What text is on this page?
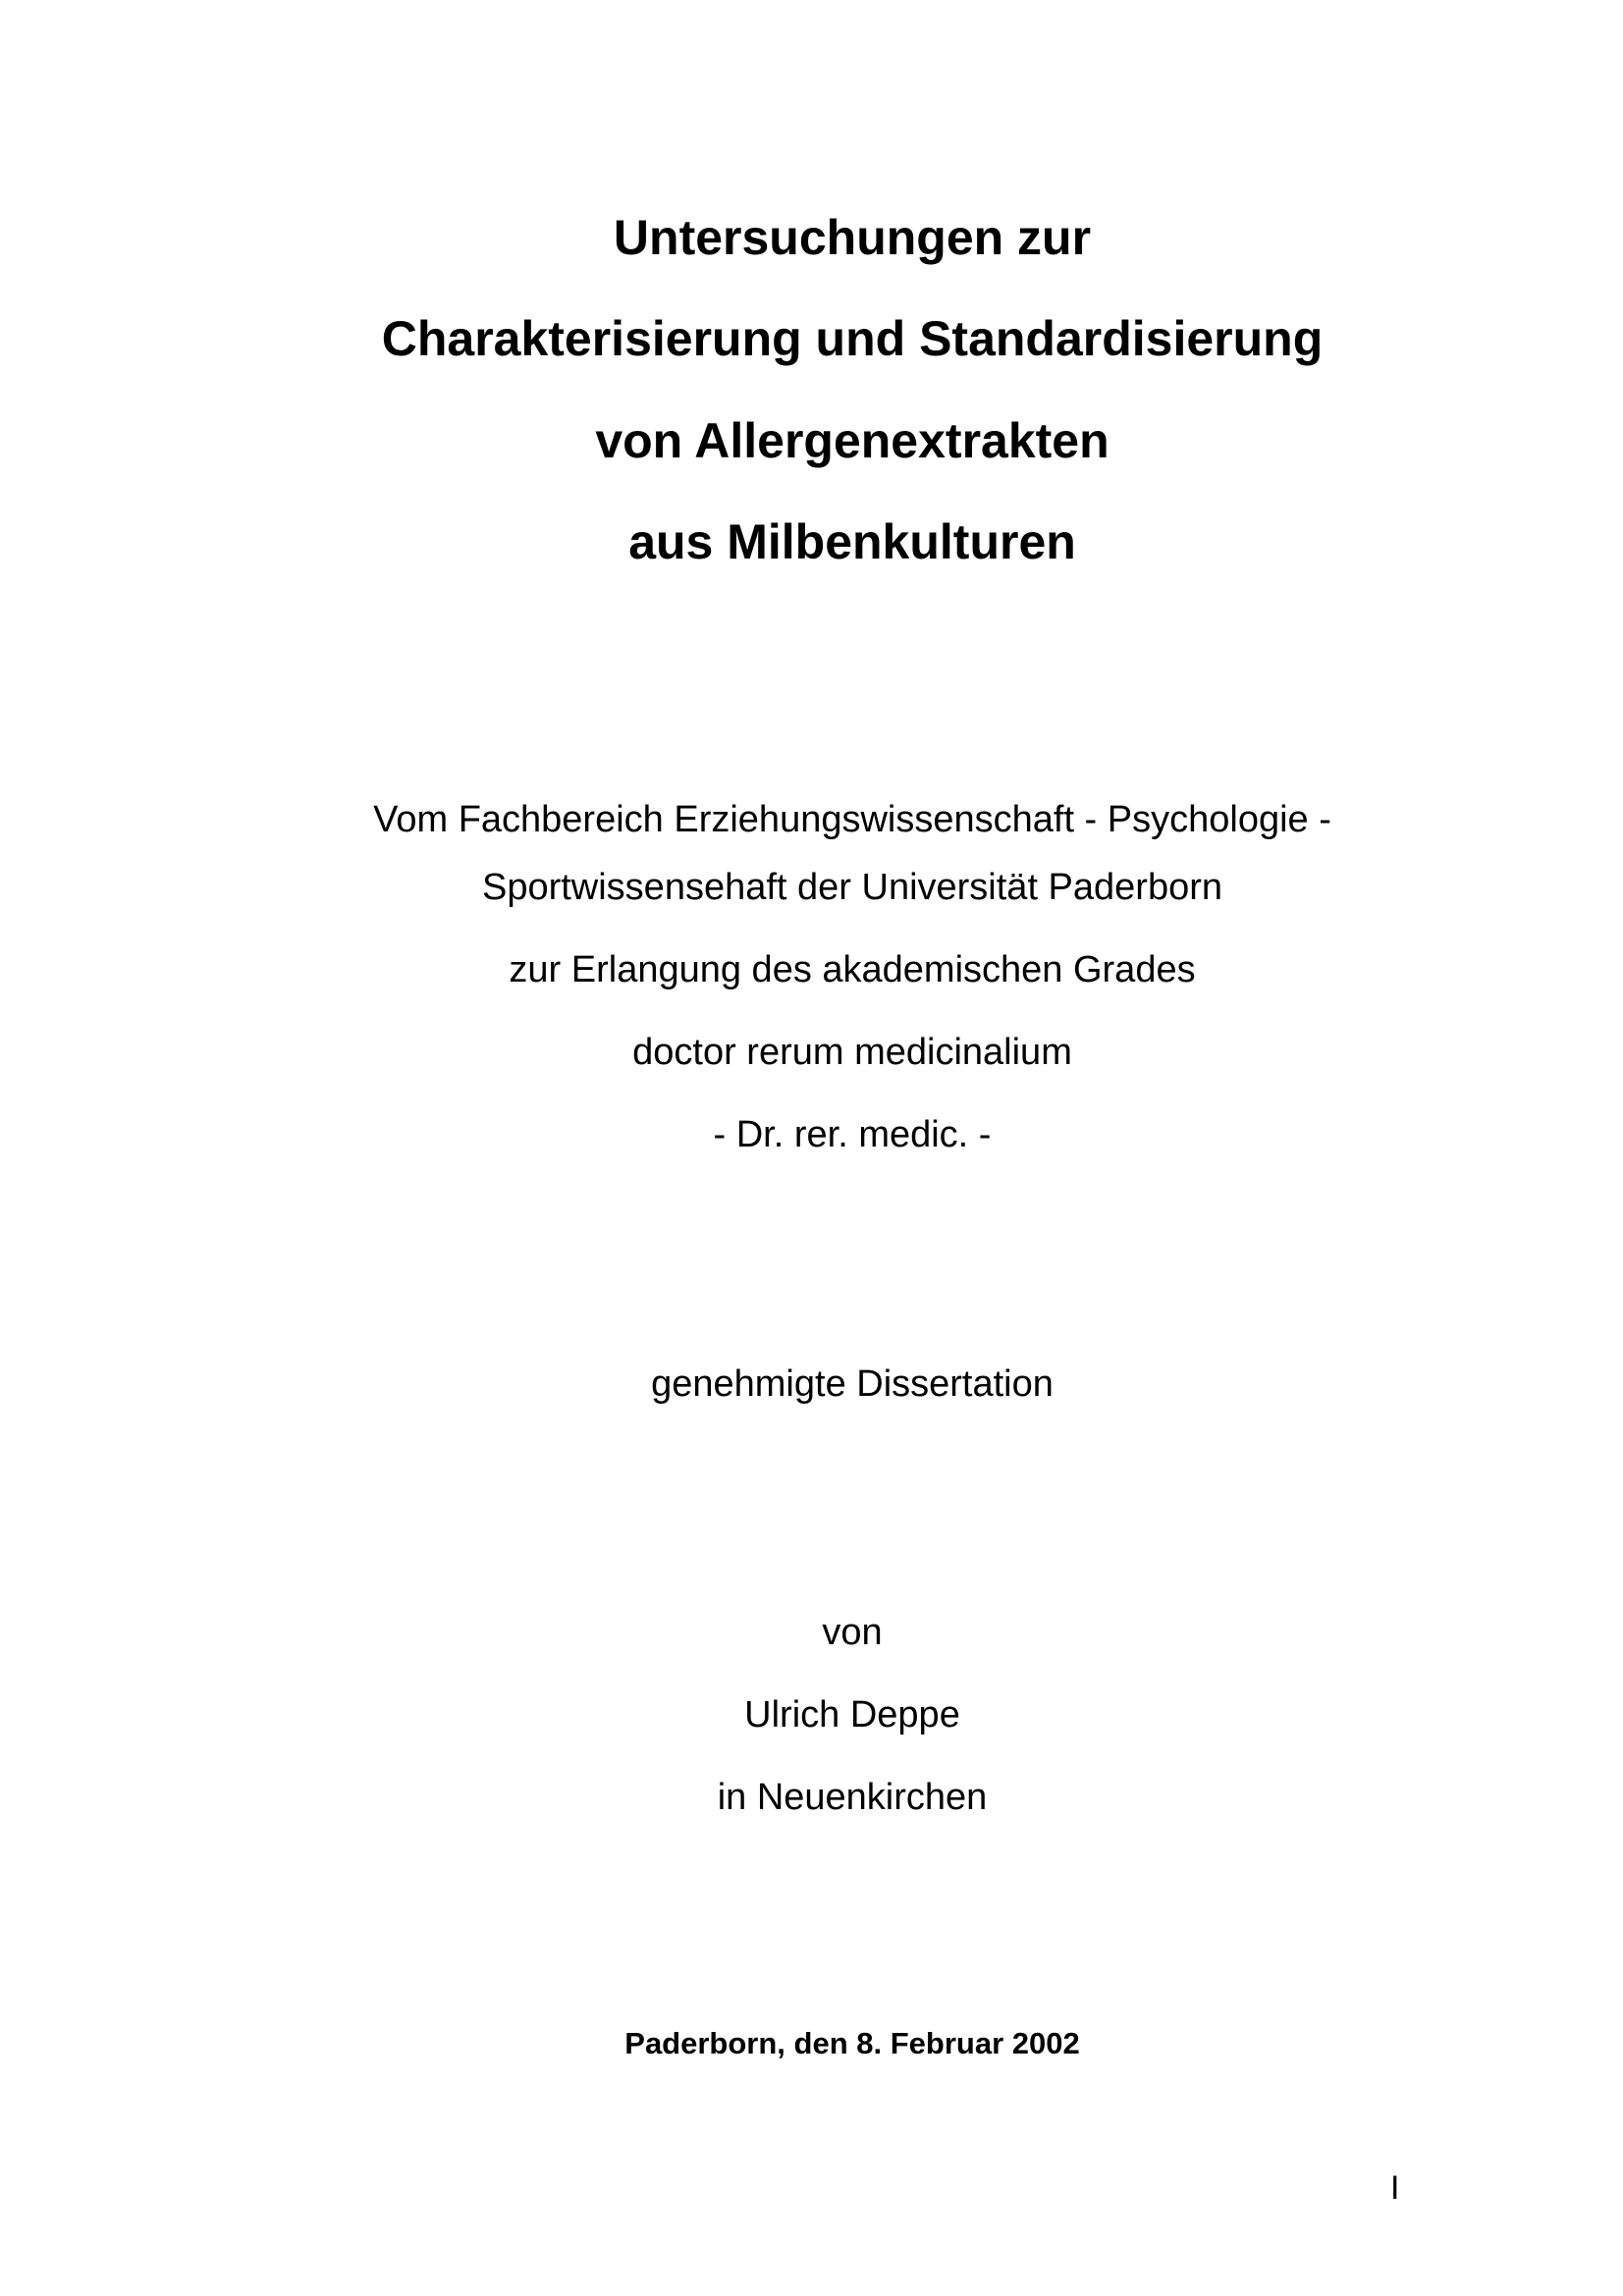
Untersuchungen zur
Charakterisierung und Standardisierung
von Allergenextrakten
aus Milbenkulturen
Vom Fachbereich Erziehungswissenschaft - Psychologie -
Sportwissensehaft der Universität Paderborn
zur Erlangung des akademischen Grades
doctor rerum medicinalium
- Dr. rer. medic. -
genehmigte Dissertation
von
Ulrich Deppe
in Neuenkirchen
Paderborn, den 8. Februar 2002
I
